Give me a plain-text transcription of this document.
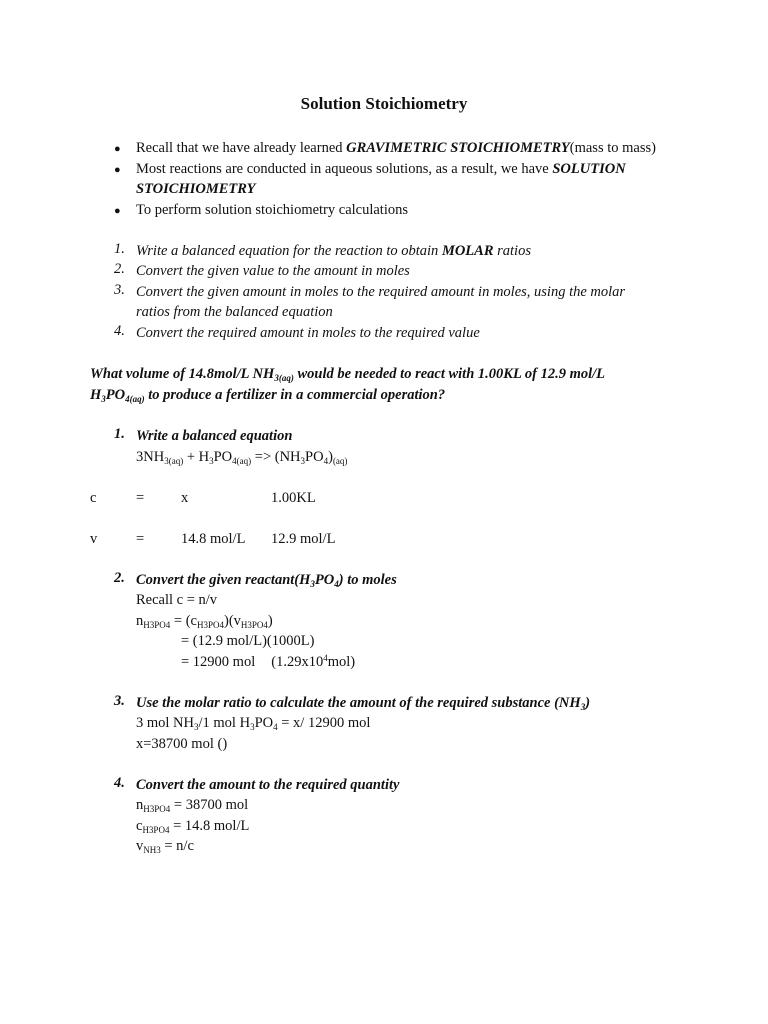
Solution Stoichiometry
● Recall that we have already learned GRAVIMETRIC STOICHIOMETRY(mass to mass)
● Most reactions are conducted in aqueous solutions, as a result, we have SOLUTION
STOICHIOMETRY
● To perform solution stoichiometry calculations
1. Write a balanced equation for the reaction to obtain MOLAR ratios
2. Convert the given value to the amount in moles
3. Convert the given amount in moles to the required amount in moles, using the molar
ratios from the balanced equation
4. Convert the required amount in moles to the required value
What volume of 14.8mol/L $NH_{3(aq)}$ would be needed to react with 1.00KL of 12.9 mol/L
$H_3PO_{4(aq)}$ to produce a fertilizer in a commercial operation?
1. Write a balanced equation
$3NH_{3(aq)} + H_3PO_{4(aq)} => (NH_3PO_4)_{(aq)}$
c	=	x	1.00KL
v	=	14.8 mol/L 12.9 mol/L
2. Convert the given $reactant(H_3PO_4)$ to moles
Recall c = n/v
$n_{H3PO4} = (c_{H3PO4})(v_{H3PO4})$
= (12.9 mol/L)(1000L)
= 12900 mol $(1.29x10^4mol)$
3. Use the molar ratio to calculate the amount of the required substance $(NH_3)$
3 mol $NH_3/1$ mol $H_3PO_4 = x/$ 12900 mol
x=38700 mol ()
4. Convert the amount to the required quantity
$n_{H3PO4} = 38700$ mol
$c_{H3PO4} = 14.8$ mol/L
$v_{NH3} = n/c$
